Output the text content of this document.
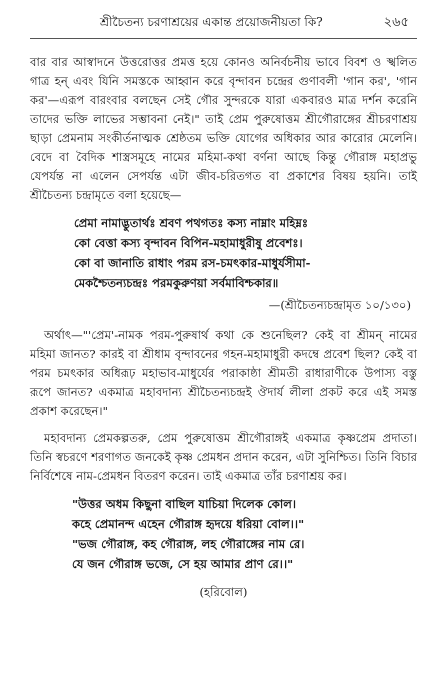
শ্রীচৈতন্য চরণাশ্রয়ের একান্ত প্রয়োজনীয়তা কি?	২৬৫

বার বার আস্বাদনে উত্তরোত্তর প্রমত্ত হয়ে কোনও অনির্বচনীয় ভাবে বিবশ ও স্খলিত গাত্র হন্ এবং যিনি সমস্তকে আহ্বান করে বৃন্দাবন চন্দ্রের গুণাবলী 'গান কর', 'গান কর'—এরূপ বারংবার বলছেন সেই গৌর সুন্দরকে যারা একবারও মাত্র দর্শন করেনি তাদের ভক্তি লাভের সম্ভাবনা নেই।" তাই প্রেম পুরুষোত্তম শ্রীগৌরাঙ্গের শ্রীচরণাশ্রয় ছাড়া প্রেমনাম সংকীর্তনাত্মক শ্রেষ্ঠতম ভক্তি যোগের অধিকার আর কারোর মেলেনি। বেদে বা বৈদিক শাস্ত্রসমূহে নামের মহিমা-কথা বর্ণনা আছে কিন্তু গৌরাঙ্গ মহাপ্রভু যেপর্যন্ত না এলেন সেপর্যন্ত এটা জীব-চরিতগত বা প্রকাশের বিষয় হয়নি। তাই শ্রীচৈতন্য চন্দ্রামৃতে বলা হয়েছে—

প্রেমা নামাদ্ভুতার্থঃ শ্রবণ পথগতঃ কস্য নাম্নাং মহিম্নঃ
কো বেত্তা কস্য বৃন্দাবন বিপিন-মহামাধুরীষু প্রবেশঃ।
কো বা জানাতি রাধাং পরম রস-চমৎকার-মাধুর্যসীমা-
মেকশ্চৈতন্যচন্দ্রঃ পরমকুরুণয়া সর্বমাবিশ্চকার॥
—(শ্রীচৈতন্যচন্দ্রামৃত ১০/১৩০)

অর্থাৎ—"'প্রেম'-নামক পরম-পুরুষার্থ কথা কে শুনেছিল? কেই বা শ্রীমন্ নামের মহিমা জানত? কারই বা শ্রীধাম বৃন্দাবনের গহন-মহামাধুরী কদম্বে প্রবেশ ছিল? কেই বা পরম চমৎকার অধিরূঢ় মহাভাব-মাধুর্যের পরাকাষ্ঠা শ্রীমতী রাধারাণীকে উপাস্য বস্তু রূপে জানত? একমাত্র মহাবদান্য শ্রীচৈতন্যচন্দ্রই ঔদার্য লীলা প্রকট করে এই সমস্ত প্রকাশ করেছেন।"

মহাবদান্য প্রেমকল্পতরু, প্রেম পুরুষোত্তম শ্রীগৌরাঙ্গই একমাত্র কৃষ্ণপ্রেম প্রদাতা। তিনি স্বচরণে শরণাগত জনকেই কৃষ্ণ প্রেমধন প্রদান করেন, এটা সুনিশ্চিত। তিনি বিচার নির্বিশেষে নাম-প্রেমধন বিতরণ করেন। তাই একমাত্র তাঁর চরণাশ্রয় কর।

"উত্তর অধম কিছুনা বাছিল যাচিয়া দিলেক কোল।
কহে প্রেমানন্দ এহেন গৌরাঙ্গ হৃদয়ে ধরিয়া বোল।।"
"ভজ গৌরাঙ্গ, কহ গৌরাঙ্গ, লহ গৌরাঙ্গের নাম রে।
যে জন গৌরাঙ্গ ভজে, সে হয় আমার প্রাণ রে।।"
(হরিবোল)
